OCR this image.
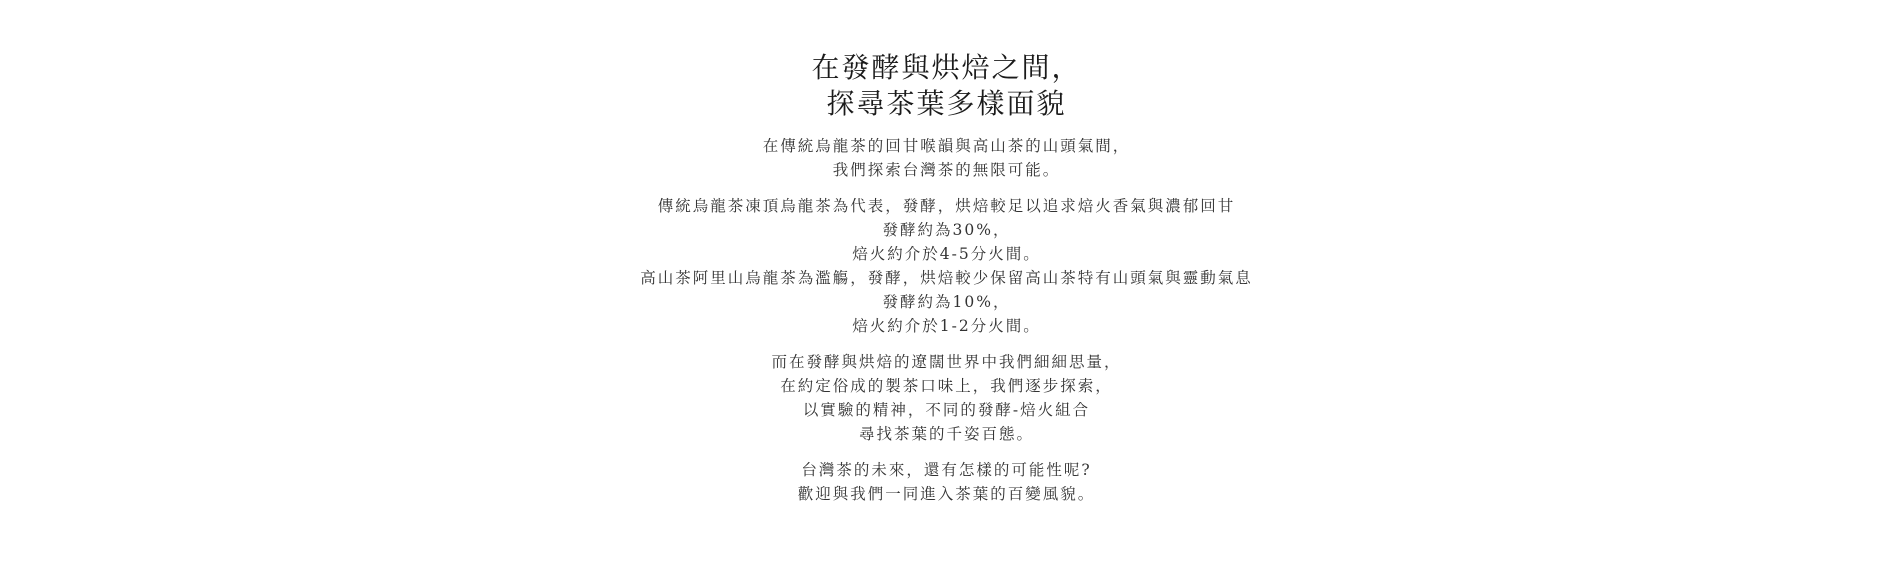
在發酵與烘焙之間，
探尋茶葉多樣面貌

在傳統烏龍茶的回甘喉韻與高山茶的山頭氣間，
我們探索台灣茶的無限可能。

傳統烏龍茶凍頂烏龍茶為代表，發酵，烘焙較足以追求焙火香氣與濃郁回甘
發酵約為30%，
焙火約介於4-5分火間。
高山茶阿里山烏龍茶為濫觴，發酵，烘焙較少保留高山茶特有山頭氣與靈動氣息
發酵約為10%，
焙火約介於1-2分火間。

而在發酵與烘焙的遼闊世界中我們細細思量，
在約定俗成的製茶口味上，我們逐步探索，
以實驗的精神，不同的發酵-焙火組合
尋找茶葉的千姿百態。

台灣茶的未來，還有怎樣的可能性呢?
歡迎與我們一同進入茶葉的百變風貌。
